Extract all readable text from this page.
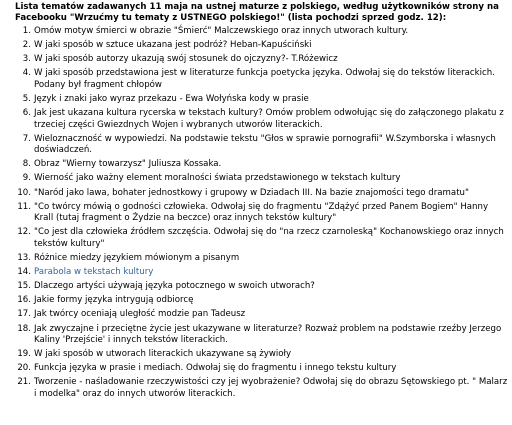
Lista tematów zadawanych 11 maja na ustnej maturze z polskiego, według użytkowników strony na Facebooku "Wrzućmy tu tematy z USTNEGO polskiego!" (lista pochodzi sprzed godz. 12):
1. Omów motyw śmierci w obrazie "Śmierć" Malczewskiego oraz innych utworach kultury.
2. W jaki sposób w sztuce ukazana jest podróż? Heban-Kapuściński
3. W jaki sposób autorzy ukazują swój stosunek do ojczyzny?- T.Różewicz
4. W jaki sposób przedstawiona jest w literaturze funkcja poetycka języka. Odwołaj się do tekstów literackich. Podany był fragment chłopów
5. Język i znaki jako wyraz przekazu - Ewa Wołyńska kody w prasie
6. Jak jest ukazana kultura rycerska w tekstach kultury? Omów problem odwołując się do załączonego plakatu z trzeciej części Gwiezdnych Wojen i wybranych utworów literackich.
7. Wieloznaczność w wypowiedzi. Na podstawie tekstu "Głos w sprawie pornografii" W.Szymborska i własnych doświadczeń.
8. Obraz "Wierny towarzysz" Juliusza Kossaka.
9. Wierność jako ważny element moralności świata przedstawionego w tekstach kultury
10. "Naród jako lawa, bohater jednostkowy i grupowy w Dziadach III. Na bazie znajomości tego dramatu"
11. "Co twórcy mówią o godności człowieka. Odwołaj się do fragmentu "Zdążyć przed Panem Bogiem" Hanny Krall (tutaj fragment o Żydzie na beczce) oraz innych tekstów kultury"
12. "Co jest dla człowieka źródłem szczęścia. Odwołaj się do "na rzecz czarnoleską" Kochanowskiego oraz innych tekstów kultury"
13. Różnice miedzy językiem mówionym a pisanym
14. Parabola w tekstach kultury
15. Dlaczego artyści używają języka potocznego w swoich utworach?
16. Jakie formy języka intrygują odbiorcę
17. Jak twórcy oceniają uległość modzie pan Tadeusz
18. Jak zwyczajne i przeciętne życie jest ukazywane w literaturze? Rozważ problem na podstawie rzeźby Jerzego Kaliny 'Przejście' i innych tekstów literackich.
19. W jaki sposób w utworach literackich ukazywane są żywioły
20. Funkcja języka w prasie i mediach. Odwołaj się do fragmentu i innego tekstu kultury
21. Tworzenie - naśladowanie rzeczywistości czy jej wyobrażenie? Odwołaj się do obrazu Sętowskiego pt. " Malarz i modelka" oraz do innych utworów literackich.
